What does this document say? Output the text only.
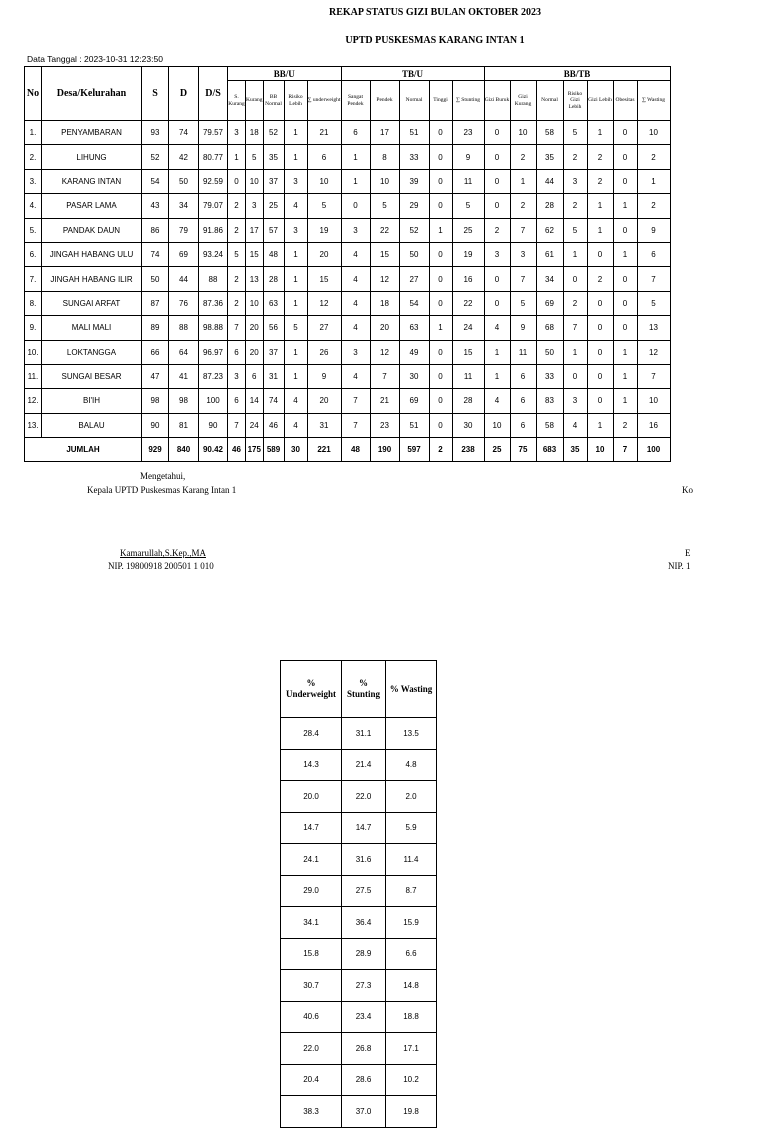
REKAP STATUS GIZI BULAN OKTOBER 2023
UPTD PUSKESMAS KARANG INTAN 1
Data Tanggal : 2023-10-31 12:23:50
No	Desa/Kelurahan	S	D	D/S	BB/U					TB/U					BB/TB						
					S. Kurang	Kurang	BB Normal	Risiko Lebih	∑ underweight	Sangat Pendek	Pendek	Normal	Tinggi	∑ Stunting	Gizi Buruk	Gizi Kurang	Normal	Risiko Gizi Lebih	Gizi Lebih	Obesitas	∑ Wasting
1.	PENYAMBARAN	93	74	79.57	3	18	52	1	21	6	17	51	0	23	0	10	58	5	1	0	10
2.	LIHUNG	52	42	80.77	1	5	35	1	6	1	8	33	0	9	0	2	35	2	2	0	2
3.	KARANG INTAN	54	50	92.59	0	10	37	3	10	1	10	39	0	11	0	1	44	3	2	0	1
4.	PASAR LAMA	43	34	79.07	2	3	25	4	5	0	5	29	0	5	0	2	28	2	1	1	2
5.	PANDAK DAUN	86	79	91.86	2	17	57	3	19	3	22	52	1	25	2	7	62	5	1	0	9
6.	JINGAH HABANG ULU	74	69	93.24	5	15	48	1	20	4	15	50	0	19	3	3	61	1	0	1	6
7.	JINGAH HABANG ILIR	50	44	88	2	13	28	1	15	4	12	27	0	16	0	7	34	0	2	0	7
8.	SUNGAI ARFAT	87	76	87.36	2	10	63	1	12	4	18	54	0	22	0	5	69	2	0	0	5
9.	MALI MALI	89	88	98.88	7	20	56	5	27	4	20	63	1	24	4	9	68	7	0	0	13
10.	LOKTANGGA	66	64	96.97	6	20	37	1	26	3	12	49	0	15	1	11	50	1	0	1	12
11.	SUNGAI BESAR	47	41	87.23	3	6	31	1	9	4	7	30	0	11	1	6	33	0	0	1	7
12.	BI'IH	98	98	100	6	14	74	4	20	7	21	69	0	28	4	6	83	3	0	1	10
13.	BALAU	90	81	90	7	24	46	4	31	7	23	51	0	30	10	6	58	4	1	2	16
JUMLAH		929	840	90.42	46	175	589	30	221	48	190	597	2	238	25	75	683	35	10	7	100
Mengetahui,
Kepala UPTD Puskesmas Karang Intan 1
Kamarullah,S.Kep.,MA
NIP. 19800918 200501 1 010
Ko
E
NIP. 1
% Underweight	% Stunting	% Wasting
28.4	31.1	13.5
14.3	21.4	4.8
20.0	22.0	2.0
14.7	14.7	5.9
24.1	31.6	11.4
29.0	27.5	8.7
34.1	36.4	15.9
15.8	28.9	6.6
30.7	27.3	14.8
40.6	23.4	18.8
22.0	26.8	17.1
20.4	28.6	10.2
38.3	37.0	19.8
